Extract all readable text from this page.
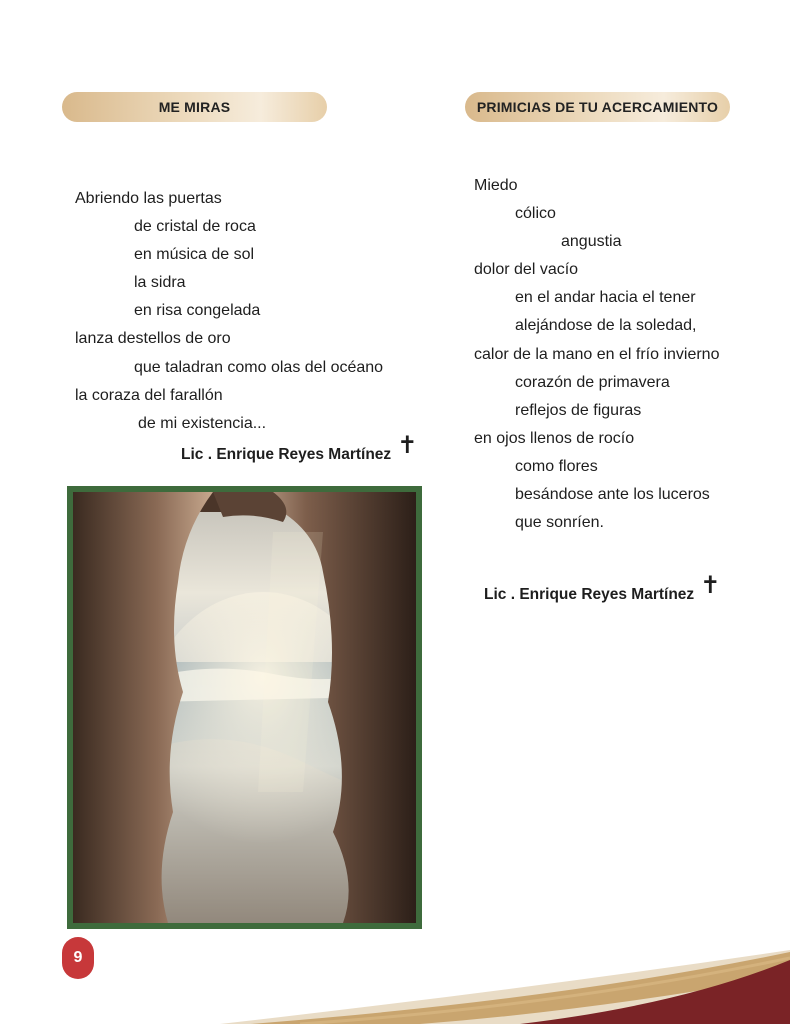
ME MIRAS	PRIMICIAS DE TU ACERCAMIENTO
Abriendo las puertas
de cristal de roca
en música de sol
la sidra
en risa congelada
lanza destellos de oro
que taladran como olas del océano
la coraza del farallón
de mi existencia...
Lic . Enrique Reyes Martínez ✝
Miedo
cólico
angustia
dolor del vacío
en el andar hacia el tener
alejándose de la soledad,
calor de la mano en el frío invierno
corazón de primavera
reflejos de figuras
en ojos llenos de rocío
como flores
besándose ante los luceros
que sonríen.
Lic . Enrique Reyes Martínez ✝
9
